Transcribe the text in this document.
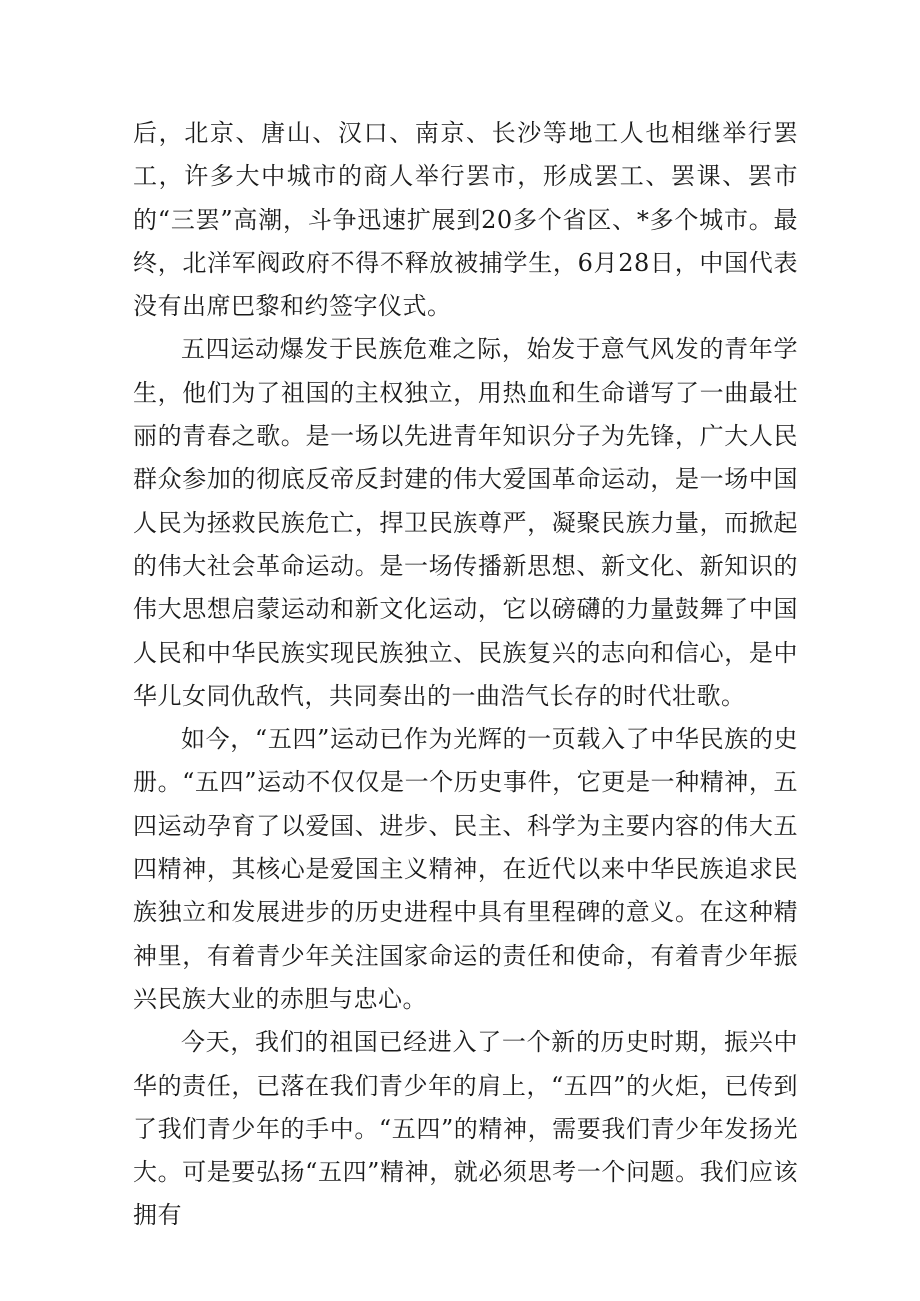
后，北京、唐山、汉口、南京、长沙等地工人也相继举行罢工，许多大中城市的商人举行罢市，形成罢工、罢课、罢市的“三罢”高潮，斗争迅速扩展到20多个省区、*多个城市。最终，北洋军阀政府不得不释放被捕学生，6月28日，中国代表没有出席巴黎和约签字仪式。

五四运动爆发于民族危难之际，始发于意气风发的青年学生，他们为了祖国的主权独立，用热血和生命谱写了一曲最壮丽的青春之歌。是一场以先进青年知识分子为先锋，广大人民群众参加的彻底反帝反封建的伟大爱国革命运动，是一场中国人民为拯救民族危亡，捍卫民族尊严，凝聚民族力量，而掀起的伟大社会革命运动。是一场传播新思想、新文化、新知识的伟大思想启蒙运动和新文化运动，它以磅礴的力量鼓舞了中国人民和中华民族实现民族独立、民族复兴的志向和信心，是中华儿女同仇敌忾，共同奏出的一曲浩气长存的时代壮歌。

如今，“五四”运动已作为光辉的一页载入了中华民族的史册。“五四”运动不仅仅是一个历史事件，它更是一种精神，五四运动孕育了以爱国、进步、民主、科学为主要内容的伟大五四精神，其核心是爱国主义精神，在近代以来中华民族追求民族独立和发展进步的历史进程中具有里程碑的意义。在这种精神里，有着青少年关注国家命运的责任和使命，有着青少年振兴民族大业的赤胆与忠心。

今天，我们的祖国已经进入了一个新的历史时期，振兴中华的责任，已落在我们青少年的肩上，“五四”的火炬，已传到了我们青少年的手中。“五四”的精神，需要我们青少年发扬光大。可是要弘扬“五四”精神，就必须思考一个问题。我们应该拥有
